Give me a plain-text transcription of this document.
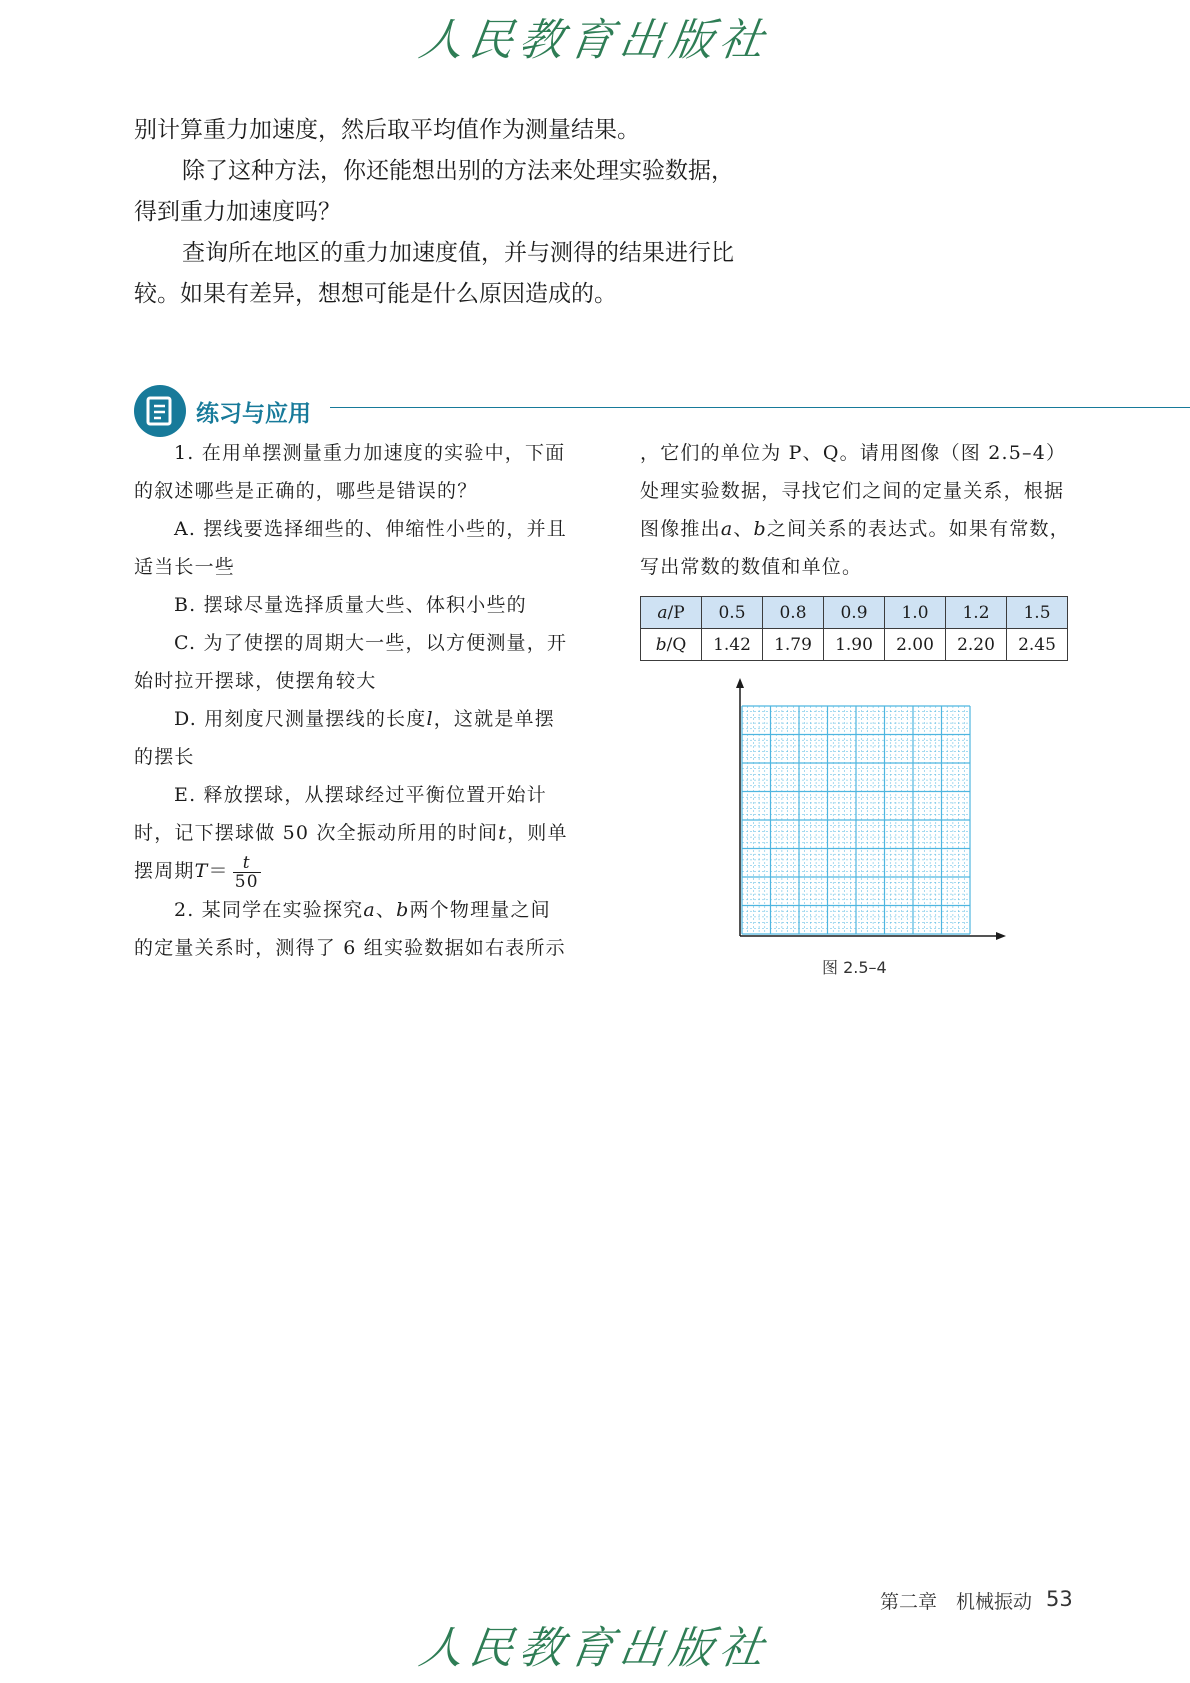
人民教育出版社

别计算重力加速度，然后取平均值作为测量结果。

除了这种方法，你还能想出别的方法来处理实验数据，得到重力加速度吗？

查询所在地区的重力加速度值，并与测得的结果进行比较。如果有差异，想想可能是什么原因造成的。

练习与应用

1. 在用单摆测量重力加速度的实验中，下面的叙述哪些是正确的，哪些是错误的？

A. 摆线要选择细些的、伸缩性小些的，并且适当长一些

B. 摆球尽量选择质量大些、体积小些的

C. 为了使摆的周期大一些，以方便测量，开始时拉开摆球，使摆角较大

D. 用刻度尺测量摆线的长度l，这就是单摆的摆长

E. 释放摆球，从摆球经过平衡位置开始计时，记下摆球做 50 次全振动所用的时间t，则单摆周期$T= \frac{t}{50}$

2. 某同学在实验探究a、b两个物理量之间的定量关系时，测得了 6 组实验数据如右表所示

，它们的单位为 P、Q。请用图像（图 2.5–4）处理实验数据，寻找它们之间的定量关系，根据图像推出a、b之间关系的表达式。如果有常数，写出常数的数值和单位。

a/P	0.5	0.8	0.9	1.0	1.2	1.5
b/Q	1.42	1.79	1.90	2.00	2.20	2.45
图 2.5–4
第二章　机械振动 53
人民教育出版社
